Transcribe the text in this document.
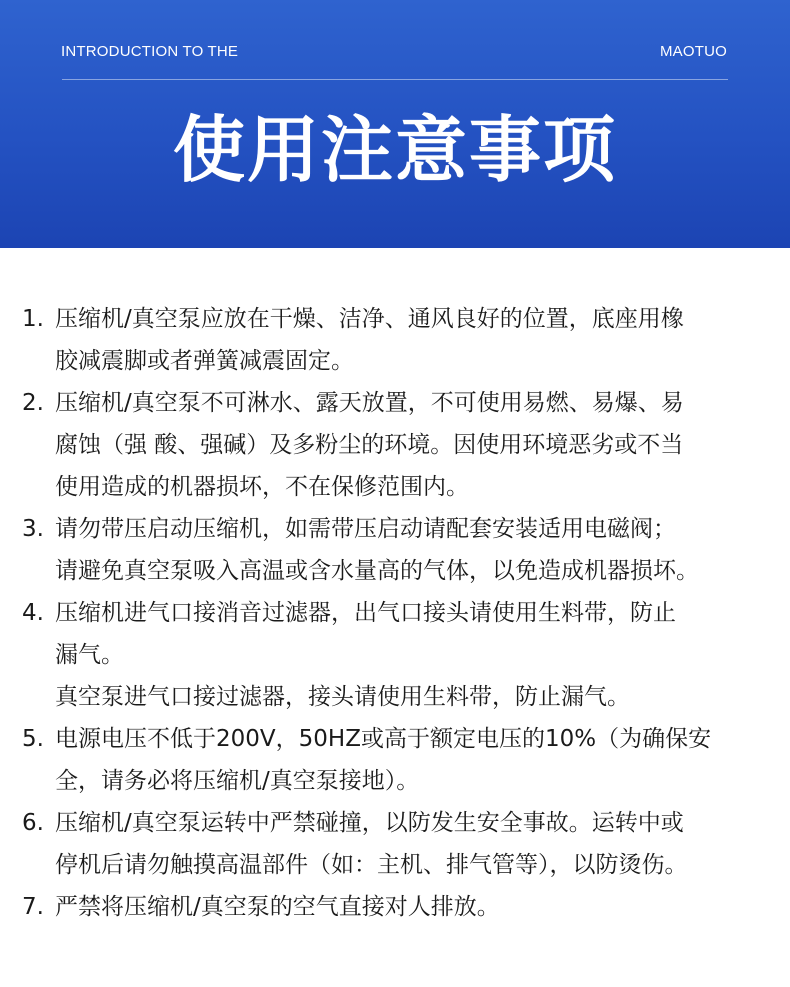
INTRODUCTION TO THE	MAOTUO
使用注意事项
1. 压缩机/真空泵应放在干燥、洁净、通风良好的位置，底座用橡
胶减震脚或者弹簧减震固定。
2. 压缩机/真空泵不可淋水、露天放置，不可使用易燃、易爆、易
腐蚀（强 酸、强碱）及多粉尘的环境。因使用环境恶劣或不当
使用造成的机器损坏，不在保修范围内。
3. 请勿带压启动压缩机，如需带压启动请配套安装适用电磁阀；
请避免真空泵吸入高温或含水量高的气体，以免造成机器损坏。
4. 压缩机进气口接消音过滤器，出气口接头请使用生料带，防止
漏气。
真空泵进气口接过滤器，接头请使用生料带，防止漏气。
5. 电源电压不低于200V，50HZ或高于额定电压的10%（为确保安
全，请务必将压缩机/真空泵接地）。
6. 压缩机/真空泵运转中严禁碰撞，以防发生安全事故。运转中或
停机后请勿触摸高温部件（如：主机、排气管等），以防烫伤。
7. 严禁将压缩机/真空泵的空气直接对人排放。
